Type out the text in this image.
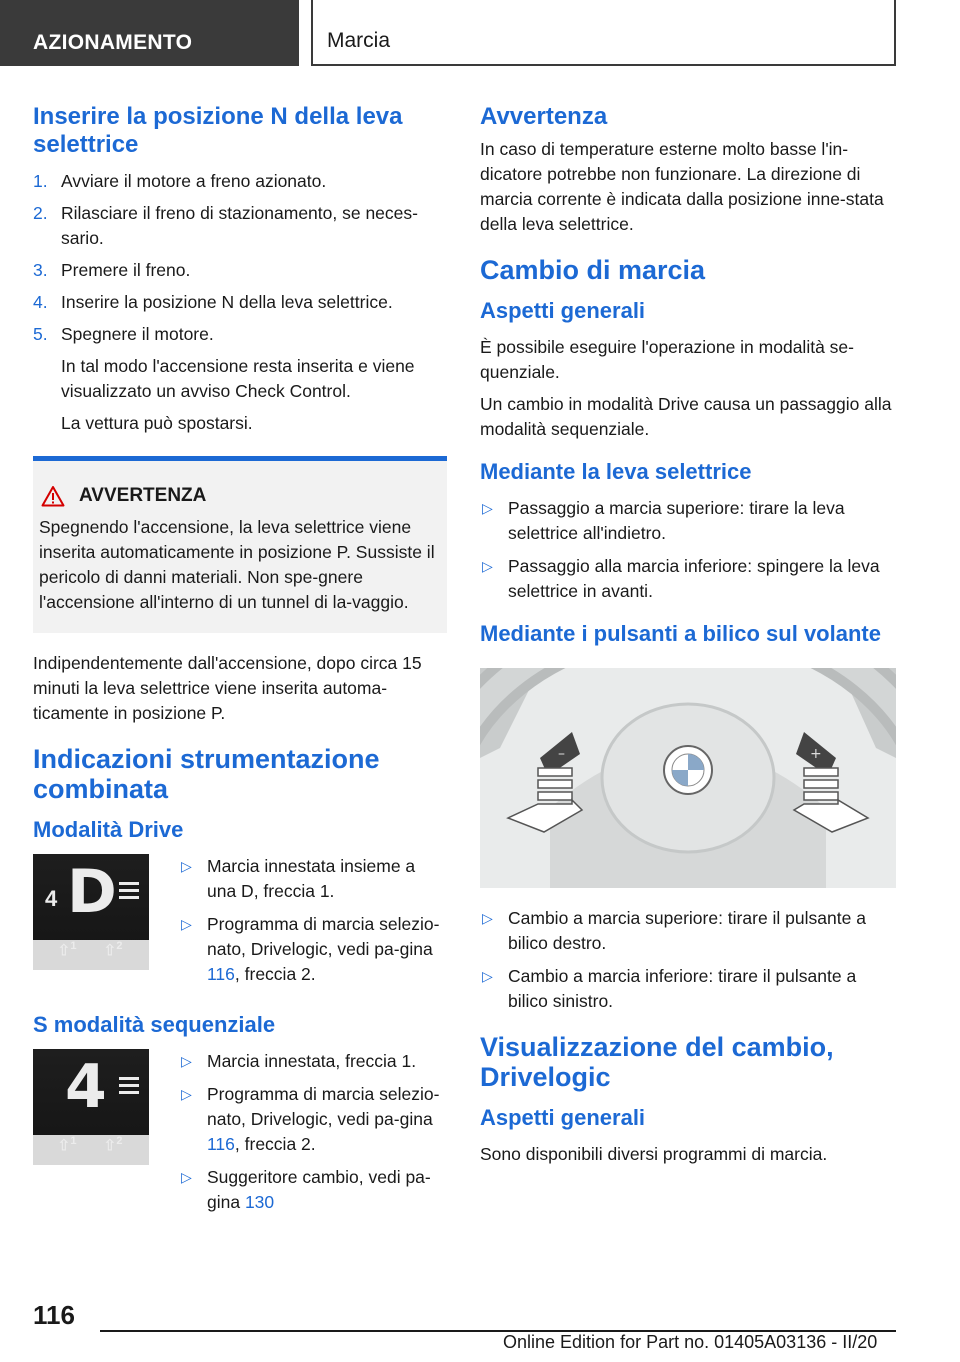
AZIONAMENTO	Marcia
Inserire la posizione N della leva selettrice
1. Avviare il motore a freno azionato.
2. Rilasciare il freno di stazionamento, se neces-sario.
3. Premere il freno.
4. Inserire la posizione N della leva selettrice.
5. Spegnere il motore.

In tal modo l'accensione resta inserita e viene visualizzato un avviso Check Control.

La vettura può spostarsi.

AVVERTENZA

Spegnendo l'accensione, la leva selettrice viene inserita automaticamente in posizione P. Sussiste il pericolo di danni materiali. Non spe-gnere l'accensione all'interno di un tunnel di la-vaggio.

Indipendentemente dall'accensione, dopo circa 15 minuti la leva selettrice viene inserita automa-ticamente in posizione P.

Indicazioni strumentazione combinata
Modalità Drive
4 D
⇧$^1$ ⇧$^2$
▷ Marcia innestata insieme a una D, freccia 1.
▷ Programma di marcia selezio-nato, Drivelogic, vedi pa-gina 116, freccia 2.
S modalità sequenziale
4
⇧$^1$ ⇧$^2$
▷ Marcia innestata, freccia 1.
▷ Programma di marcia selezio-nato, Drivelogic, vedi pa-gina 116, freccia 2.
▷ Suggeritore cambio, vedi pa-gina 130
Avvertenza

In caso di temperature esterne molto basse l'in-dicatore potrebbe non funzionare. La direzione di marcia corrente è indicata dalla posizione inne-stata della leva selettrice.

Cambio di marcia
Aspetti generali

È possibile eseguire l'operazione in modalità se-quenziale.

Un cambio in modalità Drive causa un passaggio alla modalità sequenziale.

Mediante la leva selettrice
▷ Passaggio a marcia superiore: tirare la leva selettrice all'indietro.
▷ Passaggio alla marcia inferiore: spingere la leva selettrice in avanti.
Mediante i pulsanti a bilico sul volante
–	+
▷ Cambio a marcia superiore: tirare il pulsante a bilico destro.
▷ Cambio a marcia inferiore: tirare il pulsante a bilico sinistro.
Visualizzazione del cambio, Drivelogic
Aspetti generali

Sono disponibili diversi programmi di marcia.

116
Online Edition for Part no. 01405A03136 - II/20
